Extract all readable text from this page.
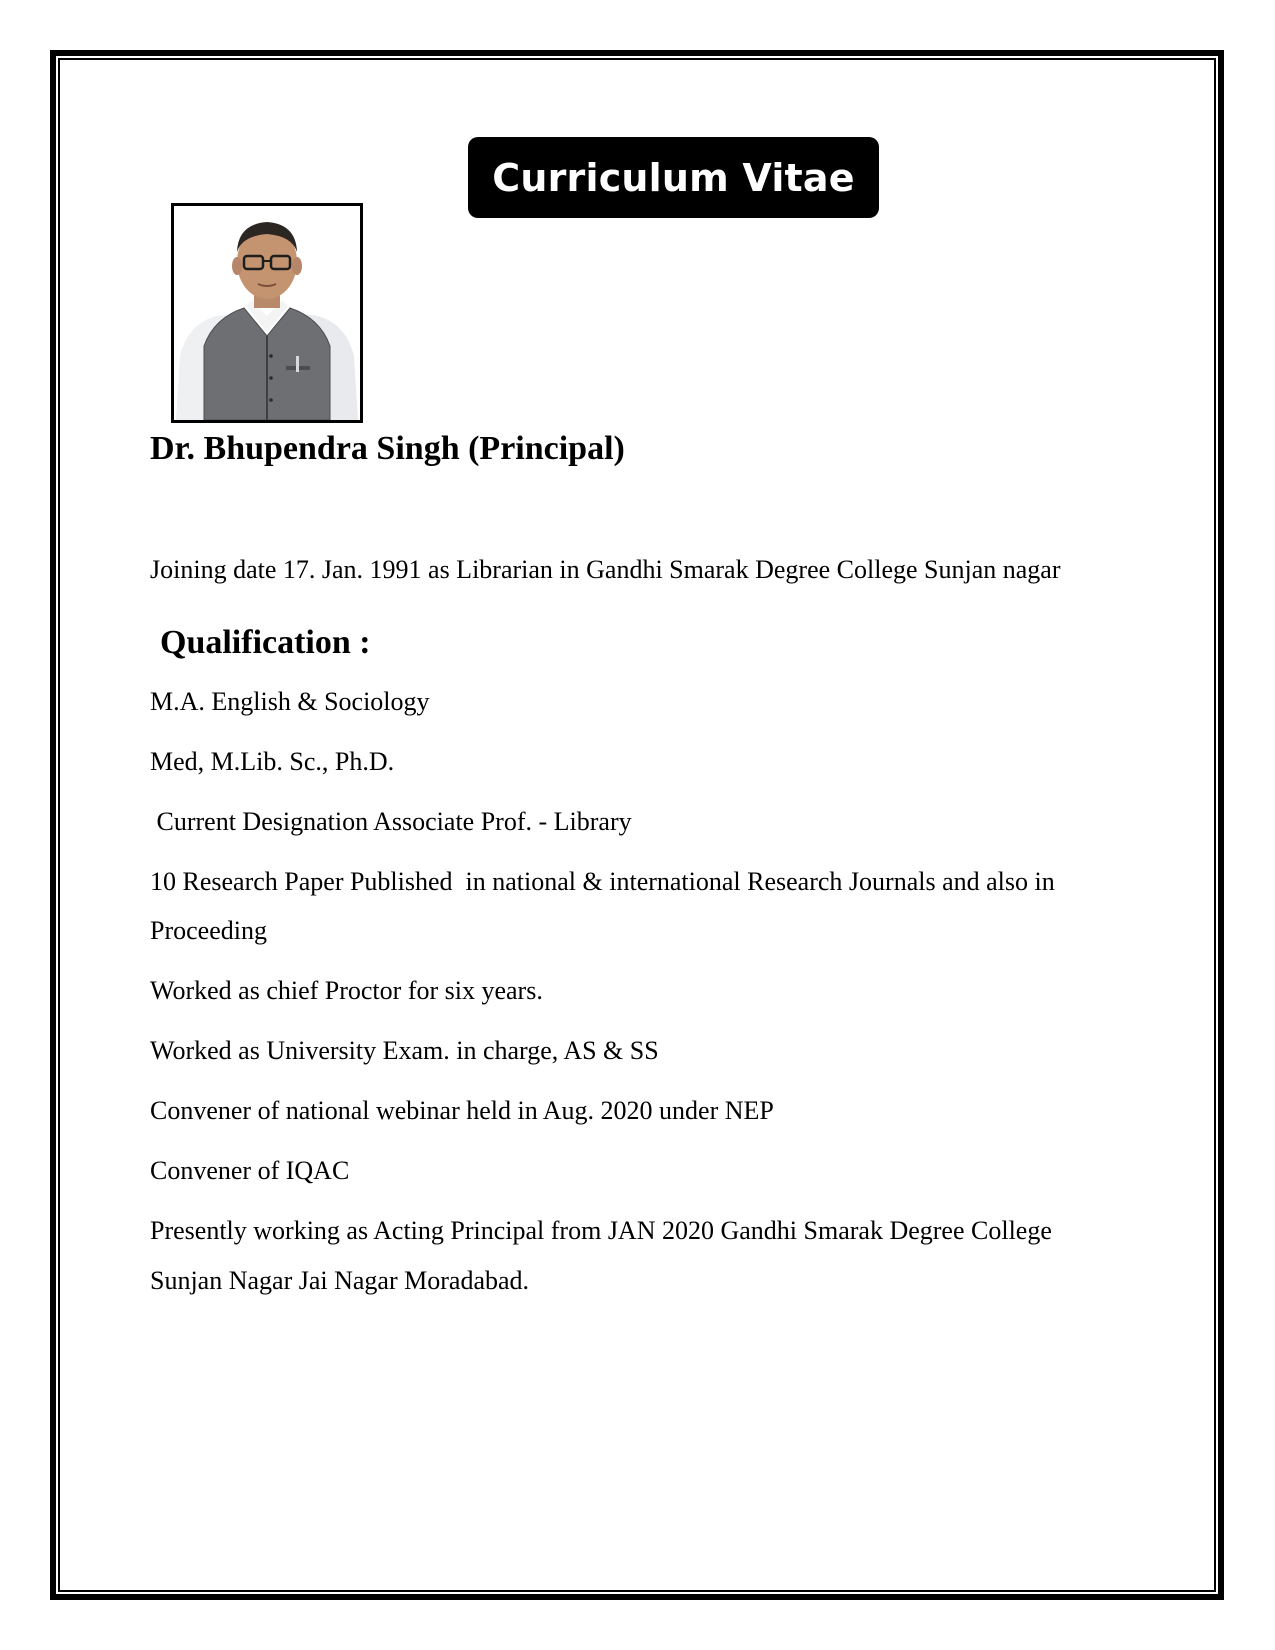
Curriculum Vitae
Dr. Bhupendra Singh (Principal)
Joining date 17. Jan. 1991 as Librarian in Gandhi Smarak Degree College Sunjan nagar
Qualification :
M.A. English & Sociology
Med, M.Lib. Sc., Ph.D.
Current Designation Associate Prof. - Library
10 Research Paper Published  in national & international Research Journals and also in
Proceeding
Worked as chief Proctor for six years.
Worked as University Exam. in charge, AS & SS
Convener of national webinar held in Aug. 2020 under NEP
Convener of IQAC
Presently working as Acting Principal from JAN 2020 Gandhi Smarak Degree College
Sunjan Nagar Jai Nagar Moradabad.
